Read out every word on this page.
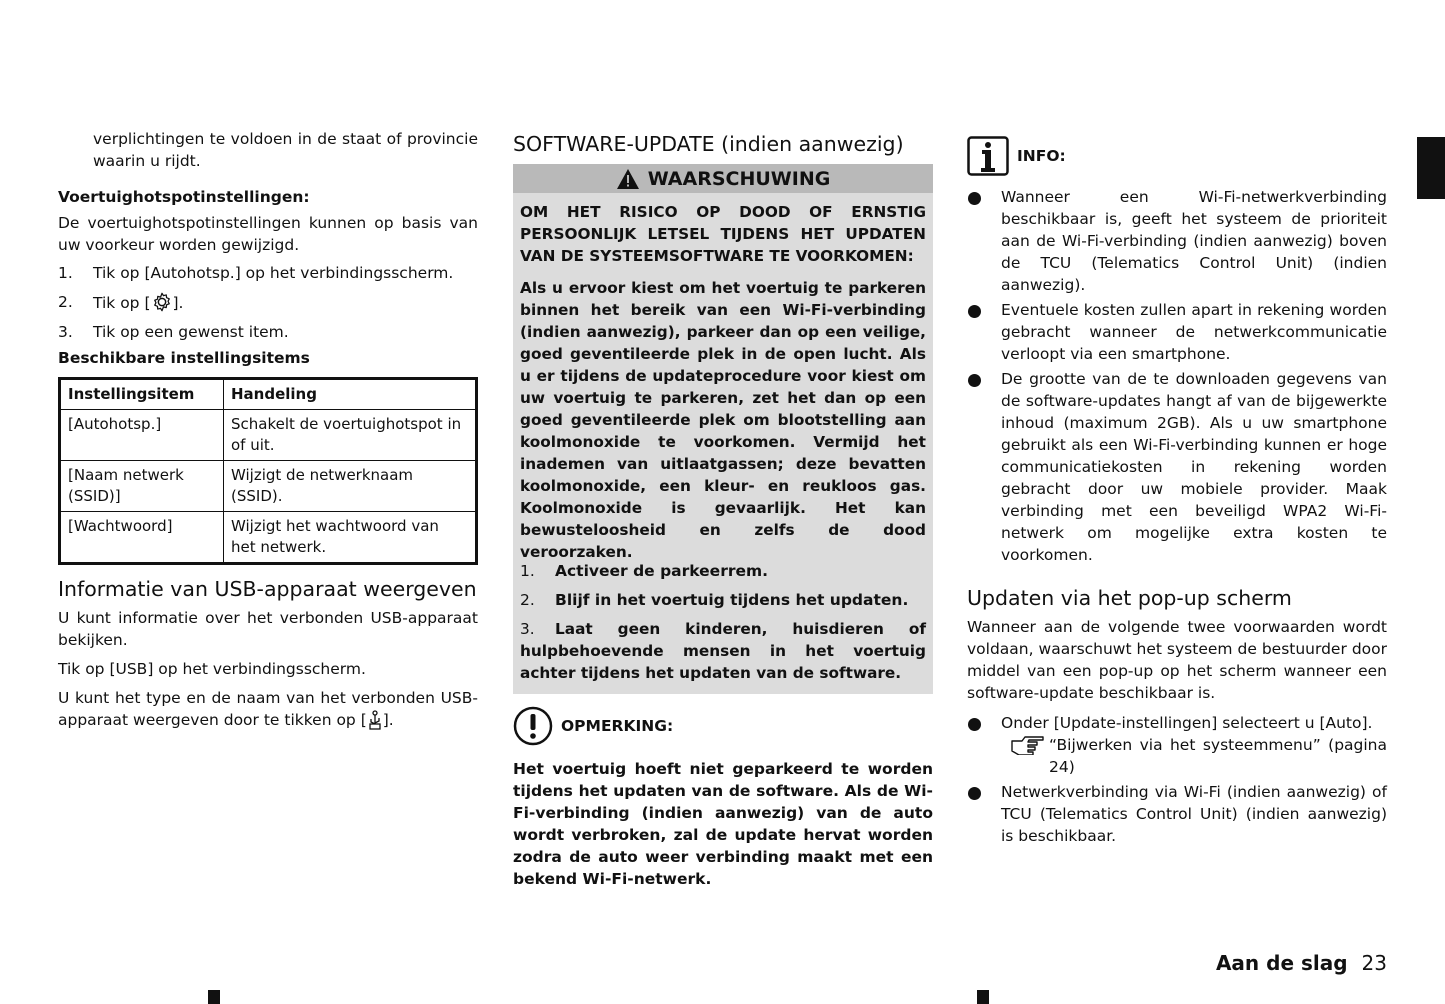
verplichtingen te voldoen in de staat of provincie waarin u rijdt.

Voertuighotspotinstellingen:

De voertuighotspotinstellingen kunnen op basis van uw voorkeur worden gewijzigd.

1.	Tik op [Autohotsp.] op het verbindingsscherm.
2.	Tik op [ ].
3.	Tik op een gewenst item.

Beschikbare instellingsitems

Instellingsitem	Handeling
[Autohotsp.]	Schakelt de voertuighotspot in of uit.
[Naam netwerk (SSID)]	Wijzigt de netwerknaam (SSID).
[Wachtwoord]	Wijzigt het wachtwoord van het netwerk.

Informatie van USB-apparaat weergeven

U kunt informatie over het verbonden USB-apparaat bekijken.

Tik op [USB] op het verbindingsscherm.

U kunt het type en de naam van het verbonden USB-apparaat weergeven door te tikken op [ ].

SOFTWARE-UPDATE (indien aanwezig)

WAARSCHUWING

OM HET RISICO OP DOOD OF ERNSTIG PERSOONLIJK LETSEL TIJDENS HET UPDATEN VAN DE SYSTEEMSOFTWARE TE VOORKOMEN:

Als u ervoor kiest om het voertuig te parkeren binnen het bereik van een Wi-Fi-verbinding (indien aanwezig), parkeer dan op een veilige, goed geventileerde plek in de open lucht. Als u er tijdens de updateprocedure voor kiest om uw voertuig te parkeren, zet het dan op een goed geventileerde plek om blootstelling aan koolmonoxide te voorkomen. Vermijd het inademen van uitlaatgassen; deze bevatten koolmonoxide, een kleur- en reukloos gas. Koolmonoxide is gevaarlijk. Het kan bewusteloosheid en zelfs de dood veroorzaken.

1.	Activeer de parkeerrem.
2.	Blijf in het voertuig tijdens het updaten.
3. Laat geen kinderen, huisdieren of hulpbehoevende mensen in het voertuig achter tijdens het updaten van de software.
OPMERKING:

Het voertuig hoeft niet geparkeerd te worden tijdens het updaten van de software. Als de Wi-Fi-verbinding (indien aanwezig) van de auto wordt verbroken, zal de update hervat worden zodra de auto weer verbinding maakt met een bekend Wi-Fi-netwerk.

INFO:
Wanneer een Wi-Fi-netwerkverbinding beschikbaar is, geeft het systeem de prioriteit aan de Wi-Fi-verbinding (indien aanwezig) boven de TCU (Telematics Control Unit) (indien aanwezig).
Eventuele kosten zullen apart in rekening worden gebracht wanneer de netwerkcommunicatie verloopt via een smartphone.
De grootte van de te downloaden gegevens van de software-updates hangt af van de bijgewerkte inhoud (maximum 2GB). Als u uw smartphone gebruikt als een Wi-Fi-verbinding kunnen er hoge communicatiekosten in rekening worden gebracht door uw mobiele provider. Maak verbinding met een beveiligd WPA2 Wi-Fi-netwerk om mogelijke extra kosten te voorkomen.

Updaten via het pop-up scherm

Wanneer aan de volgende twee voorwaarden wordt voldaan, waarschuwt het systeem de bestuurder door middel van een pop-up op het scherm wanneer een software-update beschikbaar is.

Onder [Update-instellingen] selecteert u [Auto].
“Bijwerken via het systeemmenu” (pagina 24)
Netwerkverbinding via Wi-Fi (indien aanwezig) of TCU (Telematics Control Unit) (indien aanwezig) is beschikbaar.
Aan de slag 23
